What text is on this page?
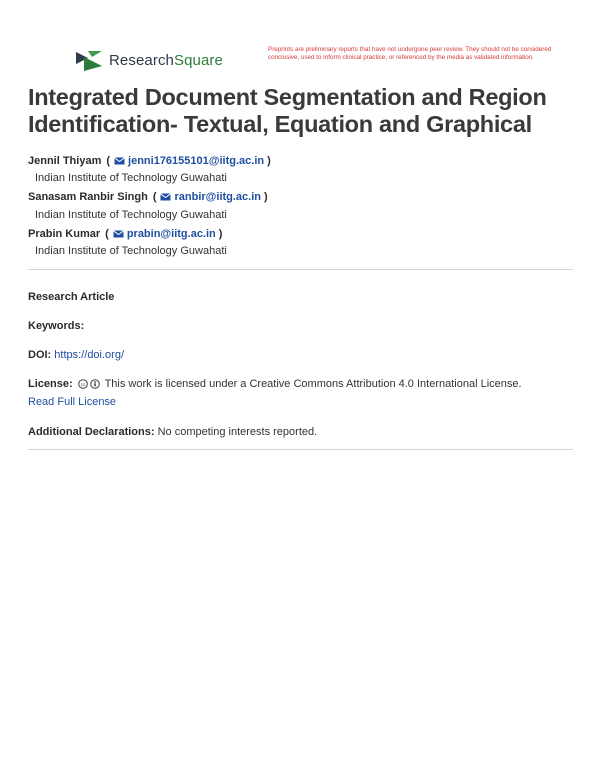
ResearchSquare
Preprints are preliminary reports that have not undergone peer review. They should not be considered conclusive, used to inform clinical practice, or referenced by the media as validated information.
Integrated Document Segmentation and Region Identification- Textual, Equation and Graphical
Jennil Thiyam ( jenni176155101@iitg.ac.in )
Indian Institute of Technology Guwahati
Sanasam Ranbir Singh ( ranbir@iitg.ac.in )
Indian Institute of Technology Guwahati
Prabin Kumar ( prabin@iitg.ac.in )
Indian Institute of Technology Guwahati
Research Article
Keywords:
DOI: https://doi.org/
License: cc This work is licensed under a Creative Commons Attribution 4.0 International License.
Read Full License
Additional Declarations: No competing interests reported.
